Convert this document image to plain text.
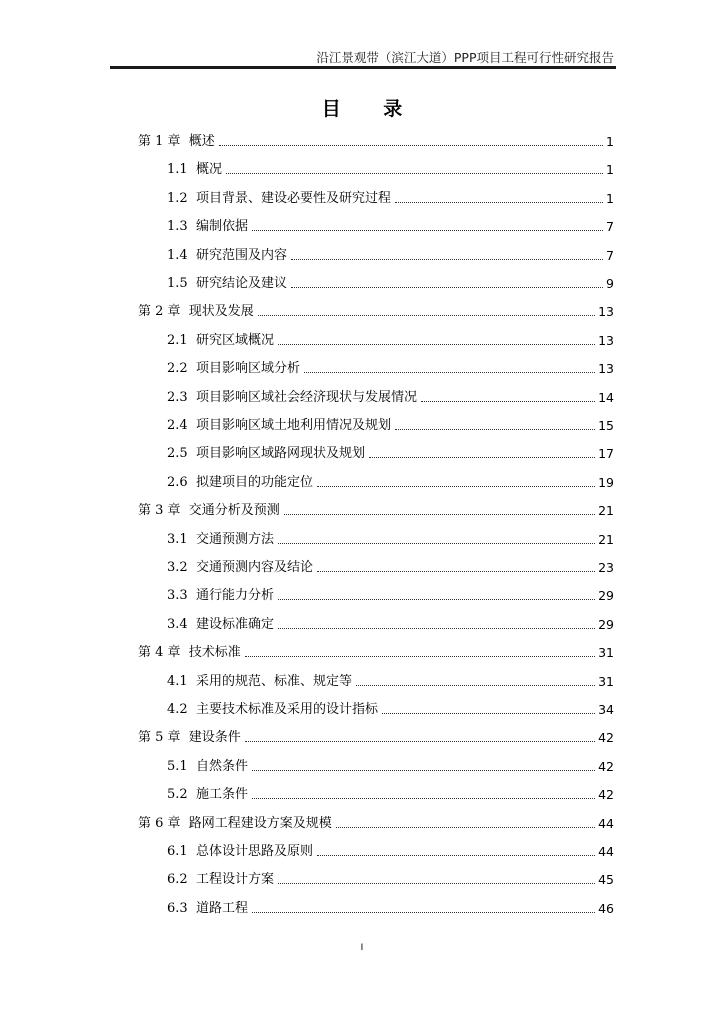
沿江景观带（滨江大道）PPP项目工程可行性研究报告
目 录
第 1 章  概述	1
1.1  概况	1
1.2  项目背景、建设必要性及研究过程	1
1.3  编制依据	7
1.4  研究范围及内容	7
1.5  研究结论及建议	9
第 2 章  现状及发展	13
2.1  研究区域概况	13
2.2  项目影响区域分析	13
2.3  项目影响区域社会经济现状与发展情况	14
2.4  项目影响区域土地利用情况及规划	15
2.5  项目影响区域路网现状及规划	17
2.6  拟建项目的功能定位	19
第 3 章  交通分析及预测	21
3.1  交通预测方法	21
3.2  交通预测内容及结论	23
3.3  通行能力分析	29
3.4  建设标准确定	29
第 4 章  技术标准	31
4.1  采用的规范、标准、规定等	31
4.2  主要技术标准及采用的设计指标	34
第 5 章  建设条件	42
5.1  自然条件	42
5.2  施工条件	42
第 6 章  路网工程建设方案及规模	44
6.1  总体设计思路及原则	44
6.2  工程设计方案	45
6.3  道路工程	46
I
